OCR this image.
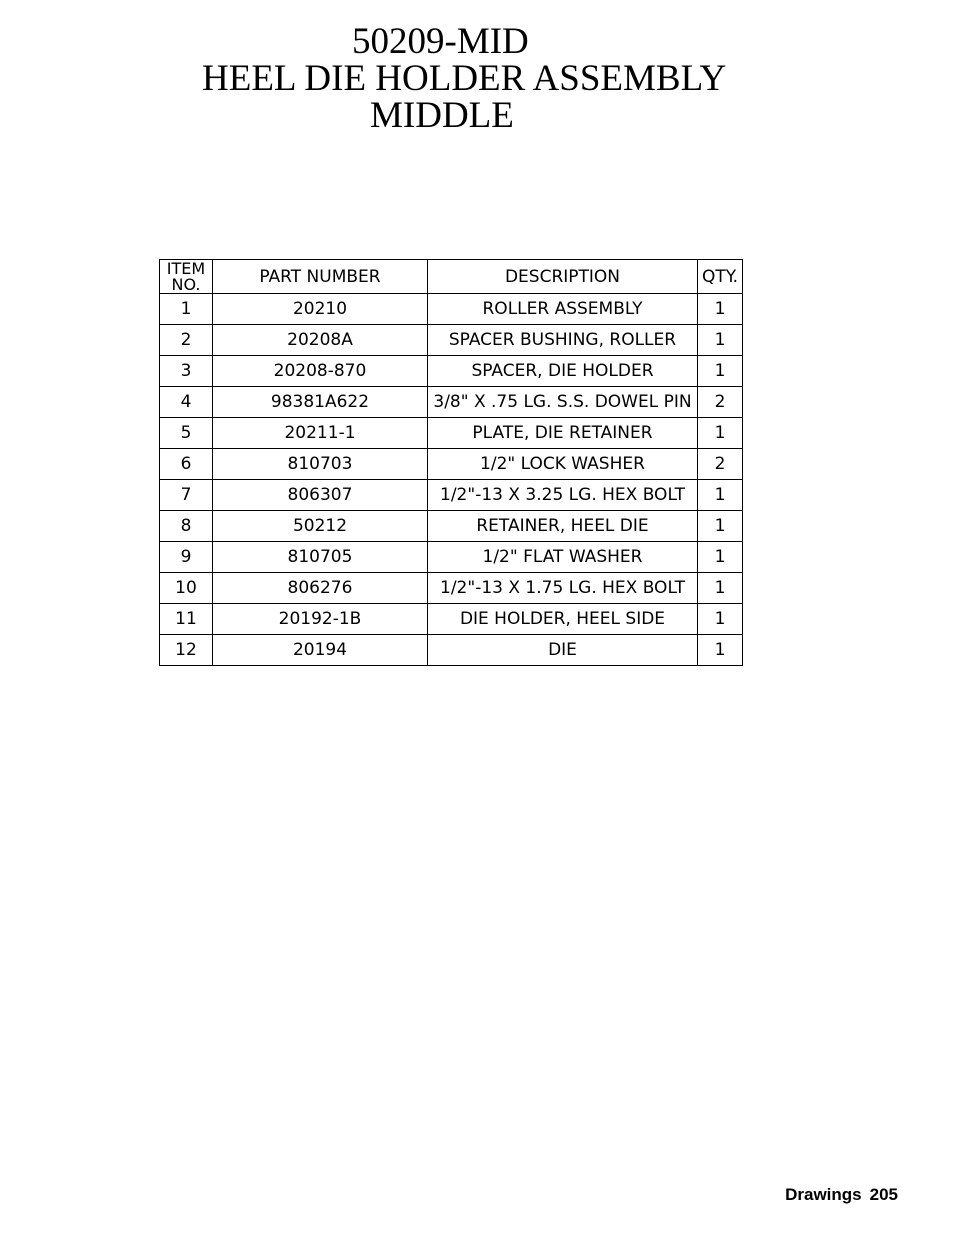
50209-MID
HEEL DIE HOLDER ASSEMBLY
MIDDLE
ITEM
NO.	PART NUMBER	DESCRIPTION	QTY.
1	20210	ROLLER ASSEMBLY	1
2	20208A	SPACER BUSHING, ROLLER	1
3	20208-870	SPACER, DIE HOLDER	1
4	98381A622	3/8" X .75 LG. S.S. DOWEL PIN	2
5	20211-1	PLATE, DIE RETAINER	1
6	810703	1/2" LOCK WASHER	2
7	806307	1/2"-13 X 3.25 LG. HEX BOLT	1
8	50212	RETAINER, HEEL DIE	1
9	810705	1/2" FLAT WASHER	1
10	806276	1/2"-13 X 1.75 LG. HEX BOLT	1
11	20192-1B	DIE HOLDER, HEEL SIDE	1
12	20194	DIE	1
Drawings 205
